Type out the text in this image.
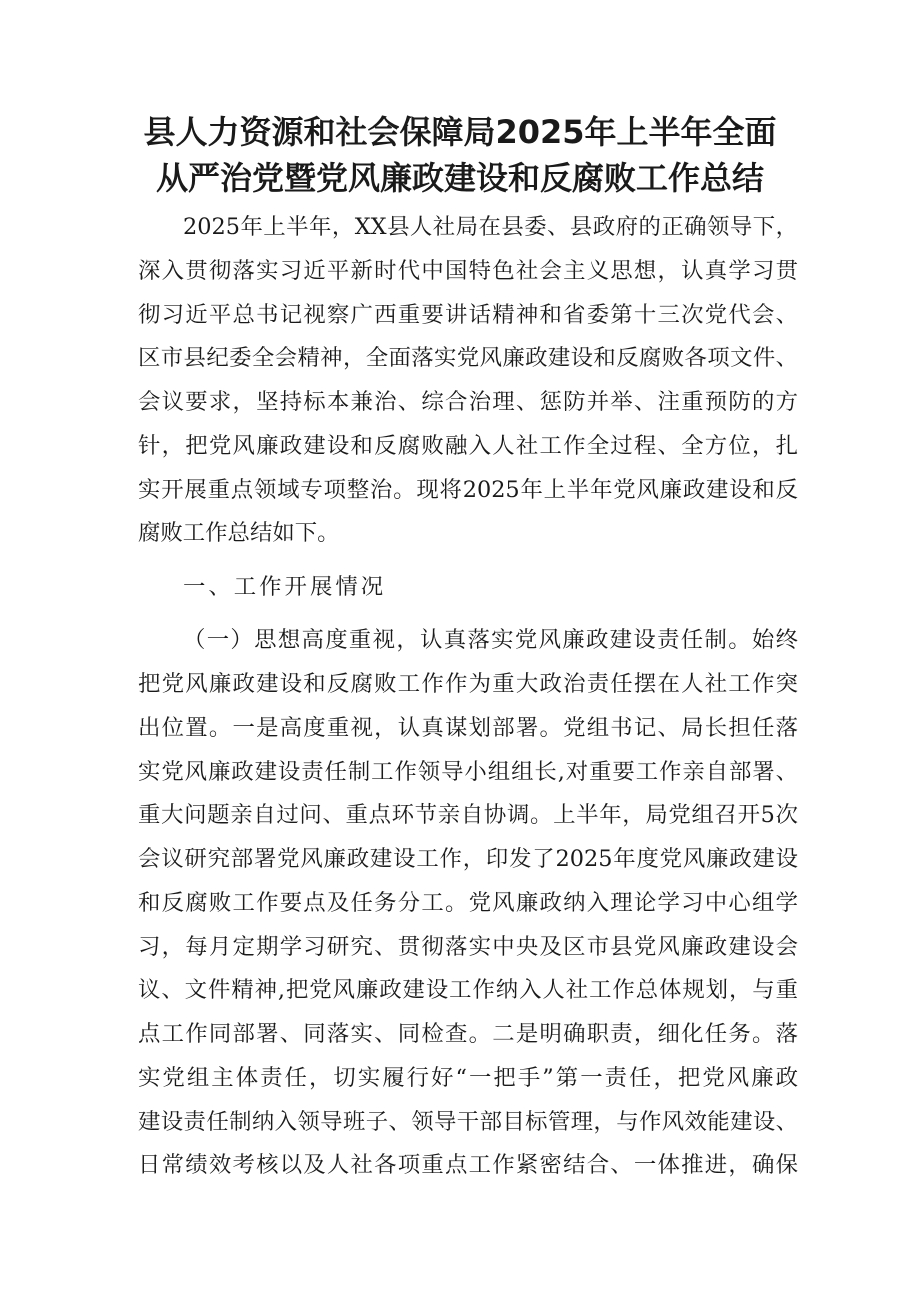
县人力资源和社会保障局2025年上半年全面
从严治党暨党风廉政建设和反腐败工作总结

2025年上半年，XX县人社局在县委、县政府的正确领导下，

深入贯彻落实习近平新时代中国特色社会主义思想，认真学习贯

彻习近平总书记视察广西重要讲话精神和省委第十三次党代会、

区市县纪委全会精神，全面落实党风廉政建设和反腐败各项文件、

会议要求，坚持标本兼治、综合治理、惩防并举、注重预防的方

针，把党风廉政建设和反腐败融入人社工作全过程、全方位，扎

实开展重点领域专项整治。现将2025年上半年党风廉政建设和反

腐败工作总结如下。

一、工作开展情况

（一）思想高度重视，认真落实党风廉政建设责任制。始终

把党风廉政建设和反腐败工作作为重大政治责任摆在人社工作突

出位置。一是高度重视，认真谋划部署。党组书记、局长担任落

实党风廉政建设责任制工作领导小组组长,对重要工作亲自部署、

重大问题亲自过问、重点环节亲自协调。上半年，局党组召开5次

会议研究部署党风廉政建设工作，印发了2025年度党风廉政建设

和反腐败工作要点及任务分工。党风廉政纳入理论学习中心组学

习，每月定期学习研究、贯彻落实中央及区市县党风廉政建设会

议、文件精神,把党风廉政建设工作纳入人社工作总体规划，与重

点工作同部署、同落实、同检查。二是明确职责，细化任务。落

实党组主体责任，切实履行好“一把手”第一责任，把党风廉政

建设责任制纳入领导班子、领导干部目标管理，与作风效能建设、

日常绩效考核以及人社各项重点工作紧密结合、一体推进，确保
